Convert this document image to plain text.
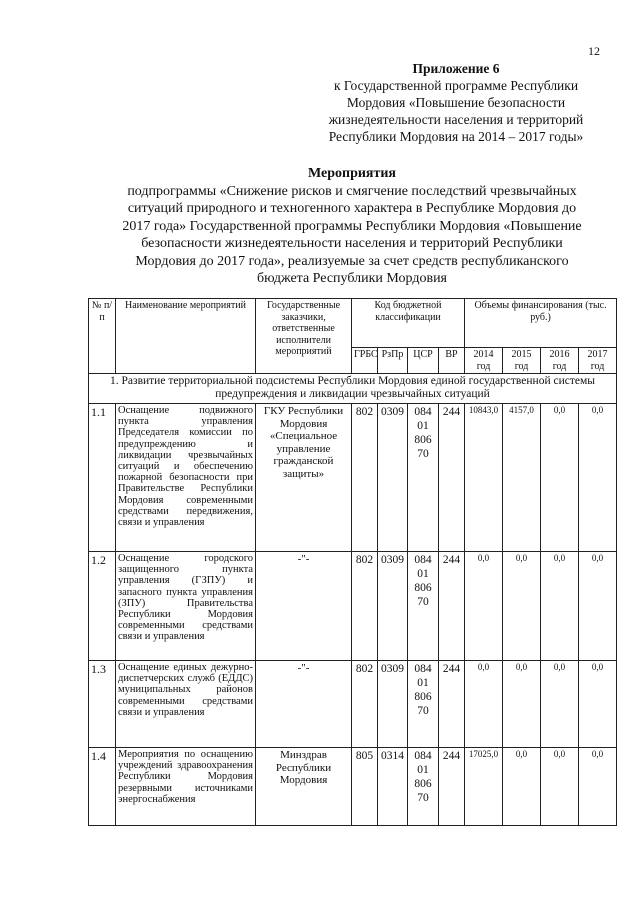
12
Приложение 6
к Государственной программе Республики
Мордовия «Повышение безопасности
жизнедеятельности населения и территорий
Республики Мордовия на 2014 – 2017 годы»
Мероприятия
подпрограммы «Снижение рисков и смягчение последствий чрезвычайных
ситуаций природного и техногенного характера в Республике Мордовия до
2017 года» Государственной программы Республики Мордовия «Повышение
безопасности жизнедеятельности населения и территорий Республики
Мордовия до 2017 года», реализуемые за счет средств республиканского
бюджета Республики Мордовия
№ п/п	Наименование мероприятий	Государственные заказчики, ответственные исполнители мероприятий	Код бюджетной классификации				Объемы финансирования (тыс. руб.)			
			ГРБС	РзПр	ЦСР	ВР	2014 год	2015 год	2016 год	2017 год
1. Развитие территориальной подсистемы Республики Мордовия единой государственной системы предупреждения и ликвидации чрезвычайных ситуаций										
1.1	Оснащение подвижного пункта управления Председателя комиссии по предупреждению и ликвидации чрезвычайных ситуаций и обеспечению пожарной безопасности при Правительстве Республики Мордовия современными средствами передвижения, связи и управления	ГКУ Республики Мордовия «Специальное управление гражданской защиты»	802	0309	084 01 806 70	244	10843,0	4157,0	0,0	0,0
1.2	Оснащение городского защищенного пункта управления (ГЗПУ) и запасного пункта управления (ЗПУ) Правительства Республики Мордовия современными средствами связи и управления	-"-	802	0309	084 01 806 70	244	0,0	0,0	0,0	0,0
1.3	Оснащение единых дежурно-диспетчерских служб (ЕДДС) муниципальных районов современными средствами связи и управления	-"-	802	0309	084 01 806 70	244	0,0	0,0	0,0	0,0
1.4	Мероприятия по оснащению учреждений здравоохранения Республики Мордовия резервными источниками энергоснабжения	Минздрав Республики Мордовия	805	0314	084 01 806 70	244	17025,0	0,0	0,0	0,0
